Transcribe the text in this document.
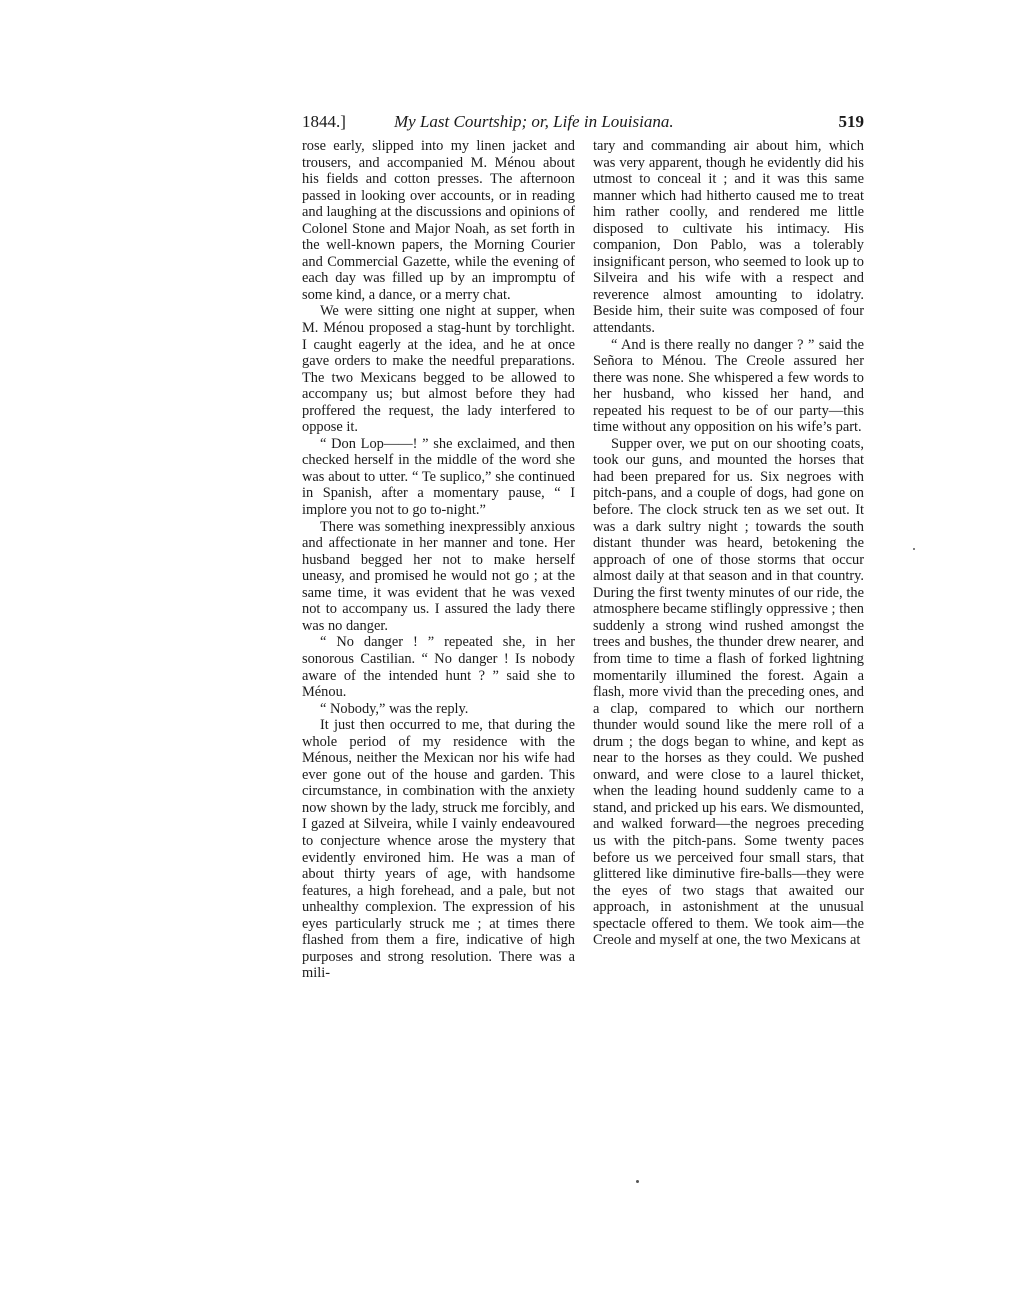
1844.]	My Last Courtship; or, Life in Louisiana.	519

rose early, slipped into my linen jacket and trousers, and accompanied M. Ménou about his fields and cotton presses. The afternoon passed in looking over accounts, or in reading and laughing at the discussions and opinions of Colonel Stone and Major Noah, as set forth in the well-known papers, the Morning Courier and Commercial Gazette, while the evening of each day was filled up by an impromptu of some kind, a dance, or a merry chat.

We were sitting one night at supper, when M. Ménou proposed a stag-hunt by torchlight. I caught eagerly at the idea, and he at once gave orders to make the needful preparations. The two Mexicans begged to be allowed to accompany us; but almost before they had proffered the request, the lady interfered to oppose it.

“ Don Lop——! ” she exclaimed, and then checked herself in the middle of the word she was about to utter. “ Te suplico,” she continued in Spanish, after a momentary pause, “ I implore you not to go to-night.”

There was something inexpressibly anxious and affectionate in her manner and tone. Her husband begged her not to make herself uneasy, and promised he would not go ; at the same time, it was evident that he was vexed not to accompany us. I assured the lady there was no danger.

“ No danger ! ” repeated she, in her sonorous Castilian. “ No danger ! Is nobody aware of the intended hunt ? ” said she to Ménou.

“ Nobody,” was the reply.

It just then occurred to me, that during the whole period of my residence with the Ménous, neither the Mexican nor his wife had ever gone out of the house and garden. This circumstance, in combination with the anxiety now shown by the lady, struck me forcibly, and I gazed at Silveira, while I vainly endeavoured to conjecture whence arose the mystery that evidently environed him. He was a man of about thirty years of age, with handsome features, a high forehead, and a pale, but not unhealthy complexion. The expression of his eyes particularly struck me ; at times there flashed from them a fire, indicative of high purposes and strong resolution. There was a mili-

tary and commanding air about him, which was very apparent, though he evidently did his utmost to conceal it ; and it was this same manner which had hitherto caused me to treat him rather coolly, and rendered me little disposed to cultivate his intimacy. His companion, Don Pablo, was a tolerably insignificant person, who seemed to look up to Silveira and his wife with a respect and reverence almost amounting to idolatry. Beside him, their suite was composed of four attendants.

“ And is there really no danger ? ” said the Señora to Ménou. The Creole assured her there was none. She whispered a few words to her husband, who kissed her hand, and repeated his request to be of our party—this time without any opposition on his wife’s part.

Supper over, we put on our shooting coats, took our guns, and mounted the horses that had been prepared for us. Six negroes with pitch-pans, and a couple of dogs, had gone on before. The clock struck ten as we set out. It was a dark sultry night ; towards the south distant thunder was heard, betokening the approach of one of those storms that occur almost daily at that season and in that country. During the first twenty minutes of our ride, the atmosphere became stiflingly oppressive ; then suddenly a strong wind rushed amongst the trees and bushes, the thunder drew nearer, and from time to time a flash of forked lightning momentarily illumined the forest. Again a flash, more vivid than the preceding ones, and a clap, compared to which our northern thunder would sound like the mere roll of a drum ; the dogs began to whine, and kept as near to the horses as they could. We pushed onward, and were close to a laurel thicket, when the leading hound suddenly came to a stand, and pricked up his ears. We dismounted, and walked forward—the negroes preceding us with the pitch-pans. Some twenty paces before us we perceived four small stars, that glittered like diminutive fire-balls—they were the eyes of two stags that awaited our approach, in astonishment at the unusual spectacle offered to them. We took aim—the Creole and myself at one, the two Mexicans at
